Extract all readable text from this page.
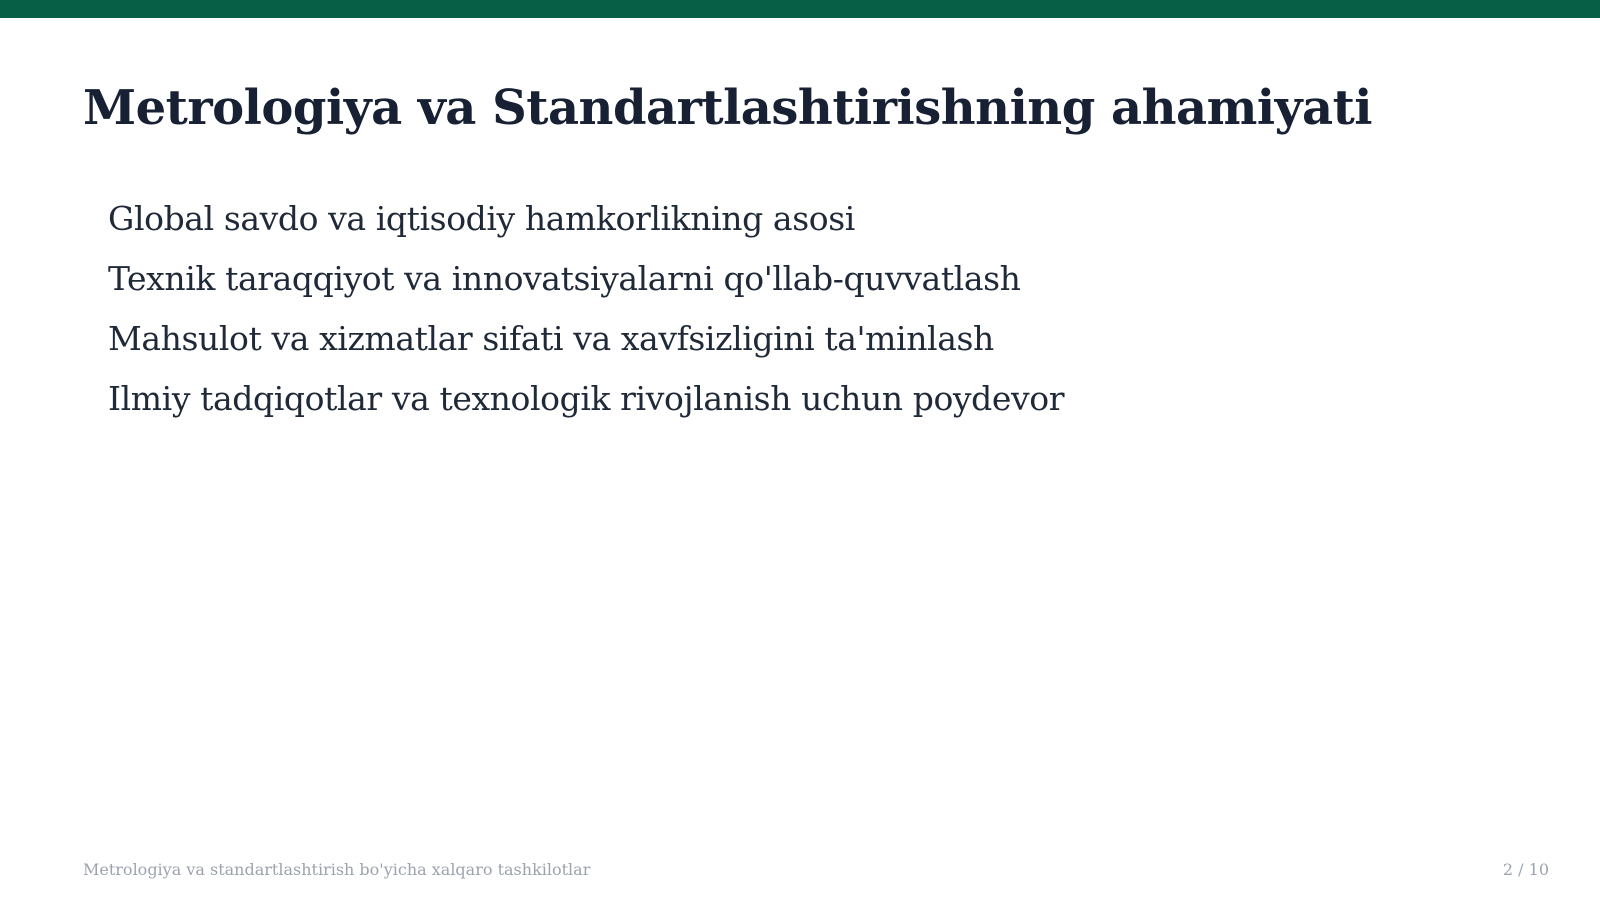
Metrologiya va Standartlashtirishning ahamiyati
Global savdo va iqtisodiy hamkorlikning asosi
Texnik taraqqiyot va innovatsiyalarni qo'llab-quvvatlash
Mahsulot va xizmatlar sifati va xavfsizligini ta'minlash
Ilmiy tadqiqotlar va texnologik rivojlanish uchun poydevor
Metrologiya va standartlashtirish bo'yicha xalqaro tashkilotlar	2 / 10
